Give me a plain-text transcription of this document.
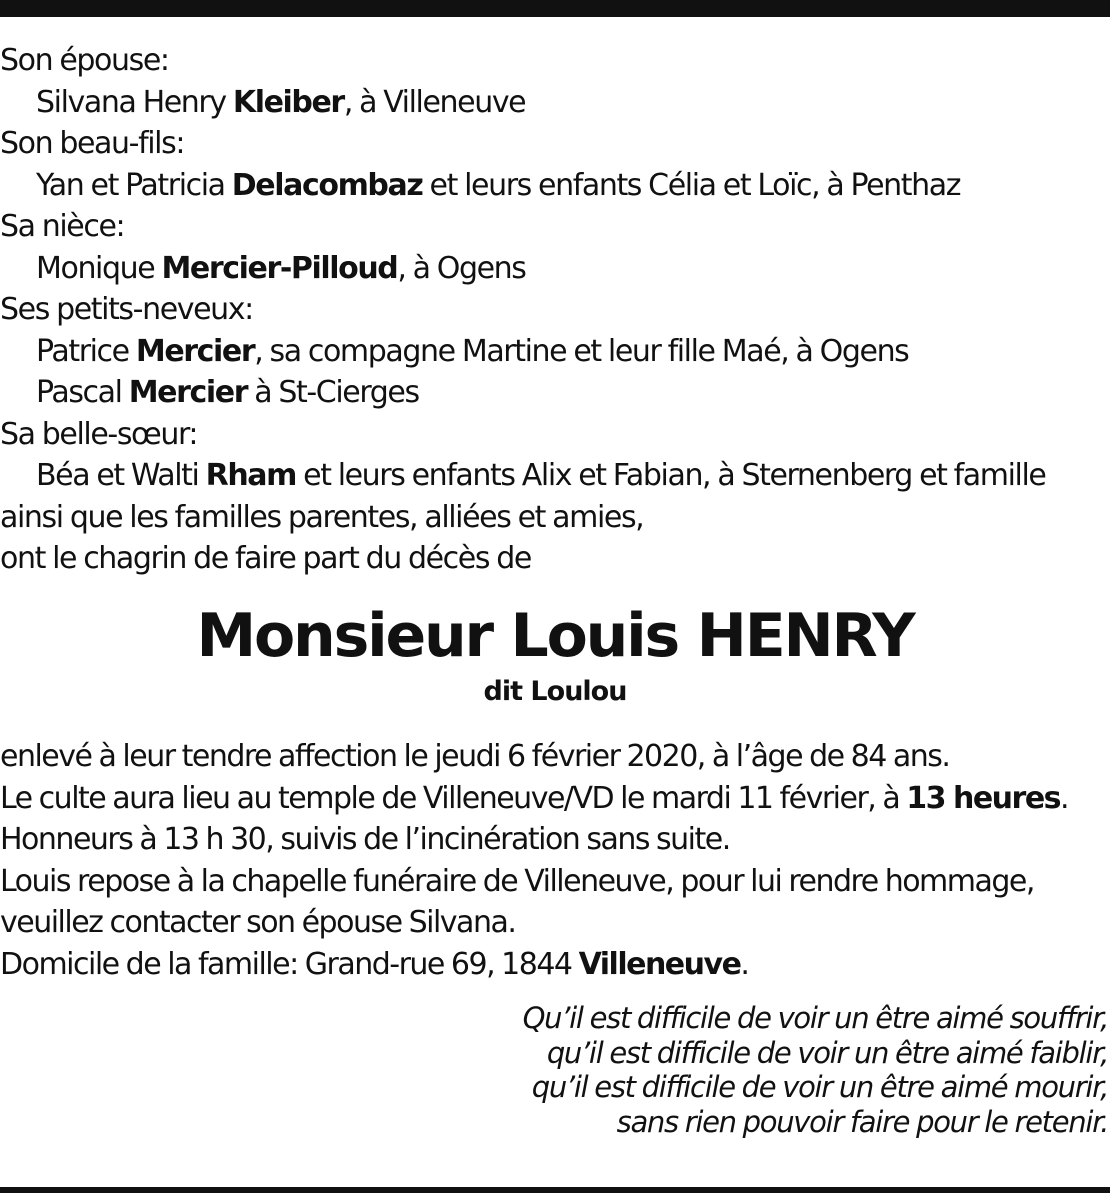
Son épouse:
Silvana Henry Kleiber, à Villeneuve
Son beau-fils:
Yan et Patricia Delacombaz et leurs enfants Célia et Loïc, à Penthaz
Sa nièce:
Monique Mercier-Pilloud, à Ogens
Ses petits-neveux:
Patrice Mercier, sa compagne Martine et leur fille Maé, à Ogens
Pascal Mercier à St-Cierges
Sa belle-sœur:
Béa et Walti Rham et leurs enfants Alix et Fabian, à Sternenberg et famille
ainsi que les familles parentes, alliées et amies,
ont le chagrin de faire part du décès de
Monsieur Louis HENRY
dit Loulou
enlevé à leur tendre affection le jeudi 6 février 2020, à l’âge de 84 ans.
Le culte aura lieu au temple de Villeneuve/VD le mardi 11 février, à 13 heures.
Honneurs à 13 h 30, suivis de l’incinération sans suite.
Louis repose à la chapelle funéraire de Villeneuve, pour lui rendre hommage,
veuillez contacter son épouse Silvana.
Domicile de la famille: Grand-rue 69, 1844 Villeneuve.
Qu’il est difficile de voir un être aimé souffrir,
qu’il est difficile de voir un être aimé faiblir,
qu’il est difficile de voir un être aimé mourir,
sans rien pouvoir faire pour le retenir.
